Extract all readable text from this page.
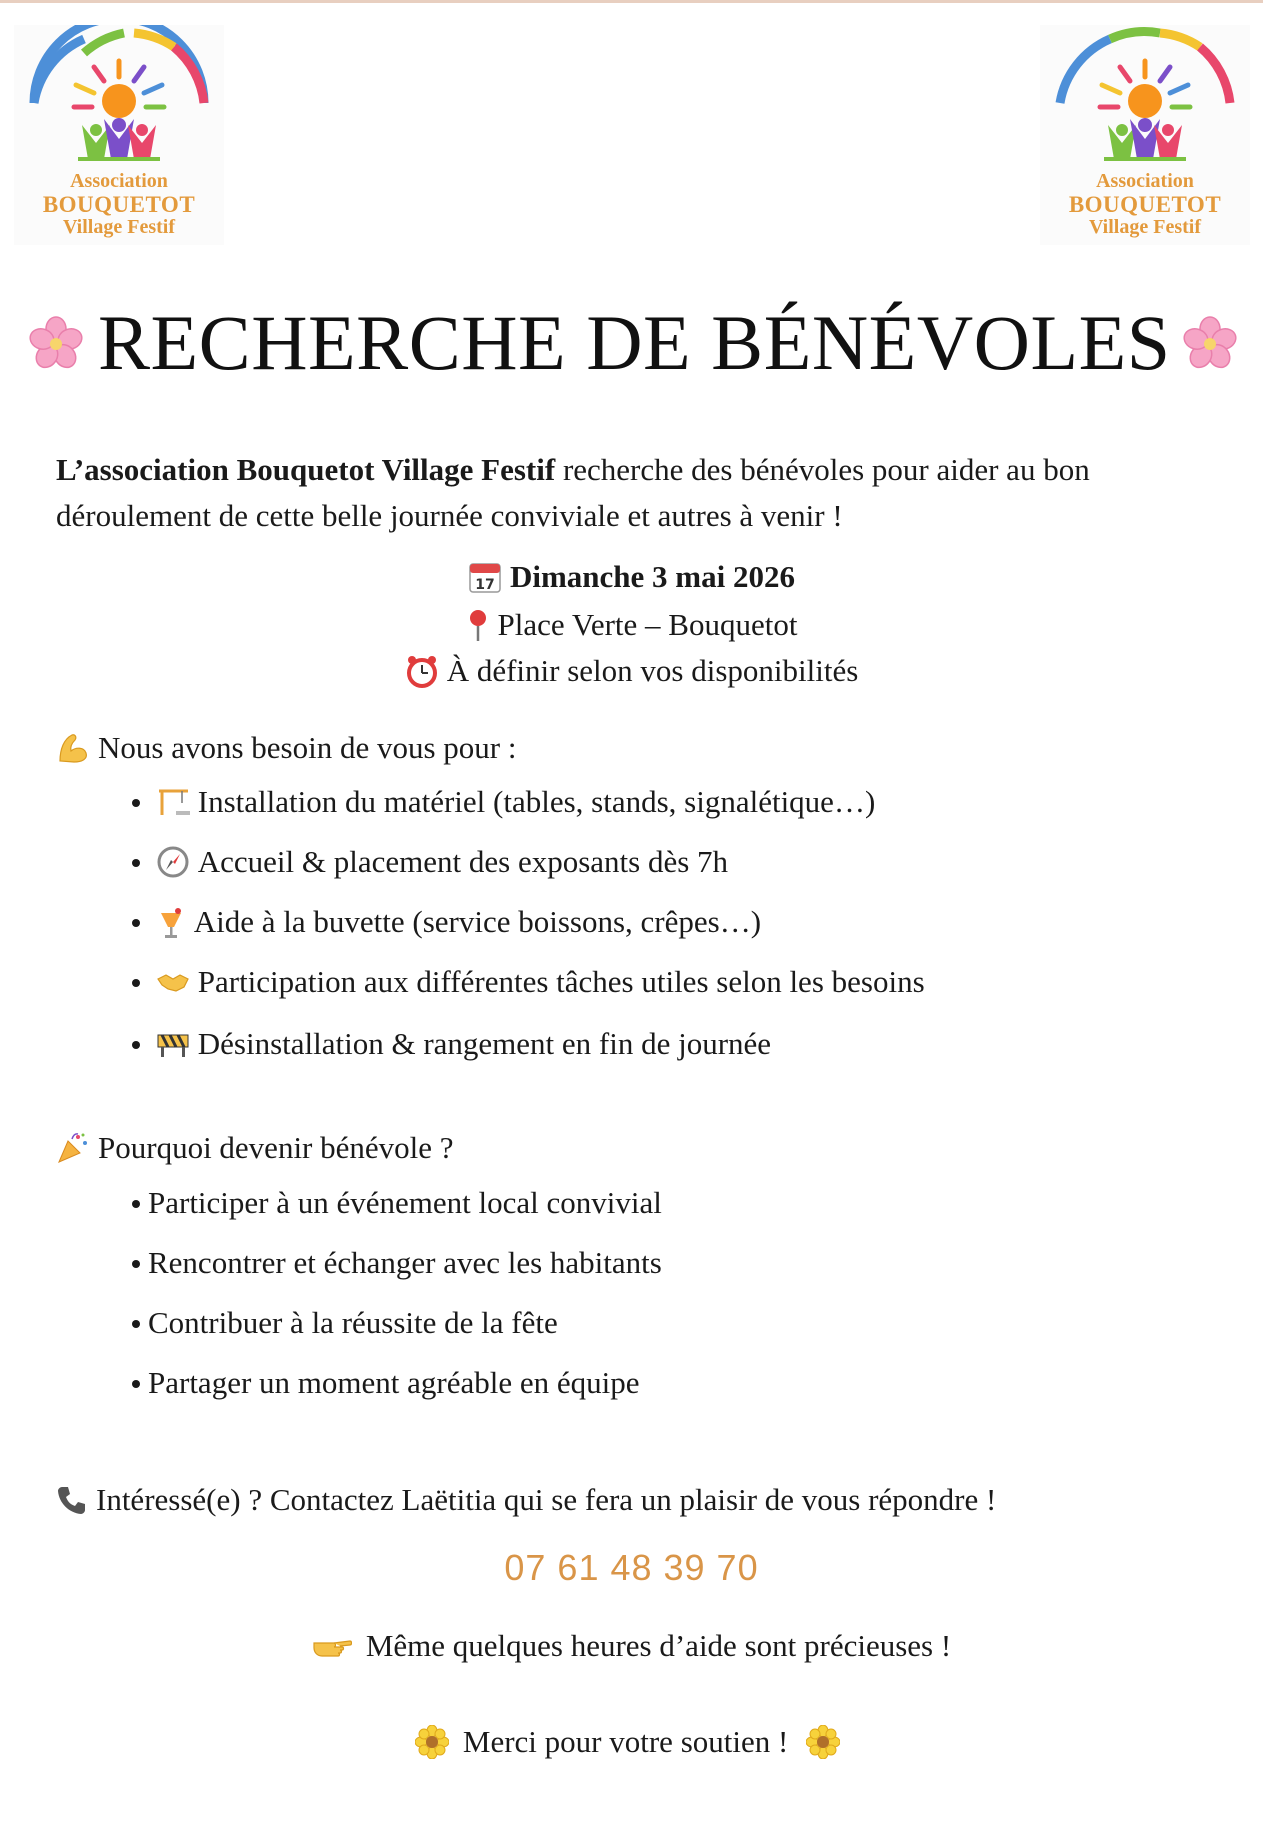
Association
BOUQUETOT
Village Festif
Association
BOUQUETOT
Village Festif
RECHERCHE DE BÉNÉVOLES
L’association Bouquetot Village Festif recherche des bénévoles pour aider au bon déroulement de cette belle journée conviviale et autres à venir !
17 Dimanche 3 mai 2026
Place Verte – Bouquetot
À définir selon vos disponibilités
Nous avons besoin de vous pour :
Installation du matériel (tables, stands, signalétique…)
Accueil & placement des exposants dès 7h
Aide à la buvette (service boissons, crêpes…)
Participation aux différentes tâches utiles selon les besoins
Désinstallation & rangement en fin de journée
Pourquoi devenir bénévole ?
Participer à un événement local convivial
Rencontrer et échanger avec les habitants
Contribuer à la réussite de la fête
Partager un moment agréable en équipe
Intéressé(e) ? Contactez Laëtitia qui se fera un plaisir de vous répondre !
07 61 48 39 70
Même quelques heures d’aide sont précieuses !
Merci pour votre soutien !
